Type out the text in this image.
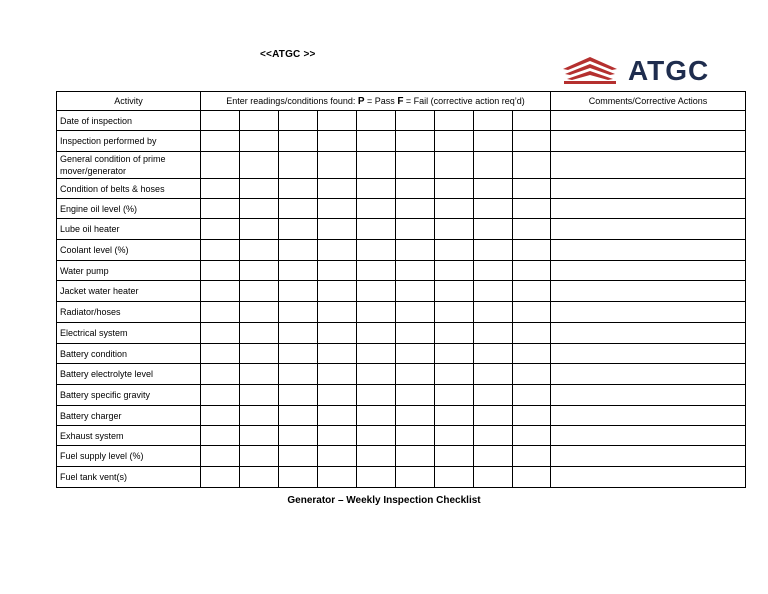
<<ATGC >>
ATGC
Activity	Enter readings/conditions found: P = Pass F = Fail (corrective action req’d)									Comments/Corrective Actions
Date of inspection										
Inspection performed by										
General condition of prime mover/generator										
Condition of belts & hoses										
Engine oil level (%)										
Lube oil heater										
Coolant level (%)										
Water pump										
Jacket water heater										
Radiator/hoses										
Electrical system										
Battery condition										
Battery electrolyte level										
Battery specific gravity										
Battery charger										
Exhaust system										
Fuel supply level (%)										
Fuel tank vent(s)										
Generator – Weekly Inspection Checklist
